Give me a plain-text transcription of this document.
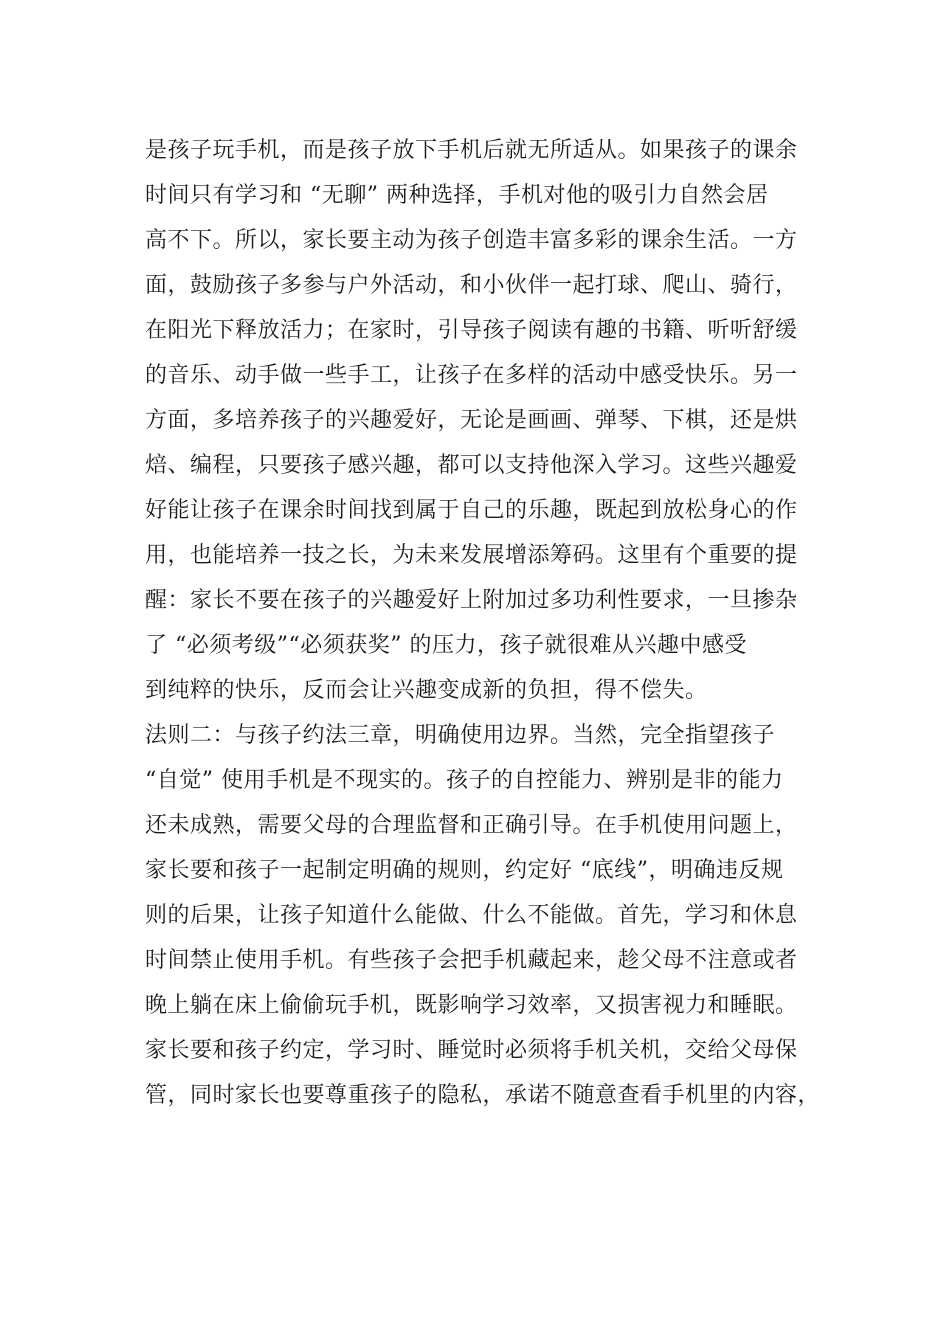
是孩子玩手机，而是孩子放下手机后就无所适从。如果孩子的课余
时间只有学习和 “无聊” 两种选择，手机对他的吸引力自然会居
高不下。所以，家长要主动为孩子创造丰富多彩的课余生活。一方
面，鼓励孩子多参与户外活动，和小伙伴一起打球、爬山、骑行，
在阳光下释放活力；在家时，引导孩子阅读有趣的书籍、听听舒缓
的音乐、动手做一些手工，让孩子在多样的活动中感受快乐。另一
方面，多培养孩子的兴趣爱好，无论是画画、弹琴、下棋，还是烘
焙、编程，只要孩子感兴趣，都可以支持他深入学习。这些兴趣爱
好能让孩子在课余时间找到属于自己的乐趣，既起到放松身心的作
用，也能培养一技之长，为未来发展增添筹码。这里有个重要的提
醒：家长不要在孩子的兴趣爱好上附加过多功利性要求，一旦掺杂
了 “必须考级”“必须获奖” 的压力，孩子就很难从兴趣中感受
到纯粹的快乐，反而会让兴趣变成新的负担，得不偿失。
法则二：与孩子约法三章，明确使用边界。当然，完全指望孩子
“自觉” 使用手机是不现实的。孩子的自控能力、辨别是非的能力
还未成熟，需要父母的合理监督和正确引导。在手机使用问题上，
家长要和孩子一起制定明确的规则，约定好 “底线”，明确违反规
则的后果，让孩子知道什么能做、什么不能做。首先，学习和休息
时间禁止使用手机。有些孩子会把手机藏起来，趁父母不注意或者
晚上躺在床上偷偷玩手机，既影响学习效率，又损害视力和睡眠。
家长要和孩子约定，学习时、睡觉时必须将手机关机，交给父母保
管，同时家长也要尊重孩子的隐私，承诺不随意查看手机里的内容，
